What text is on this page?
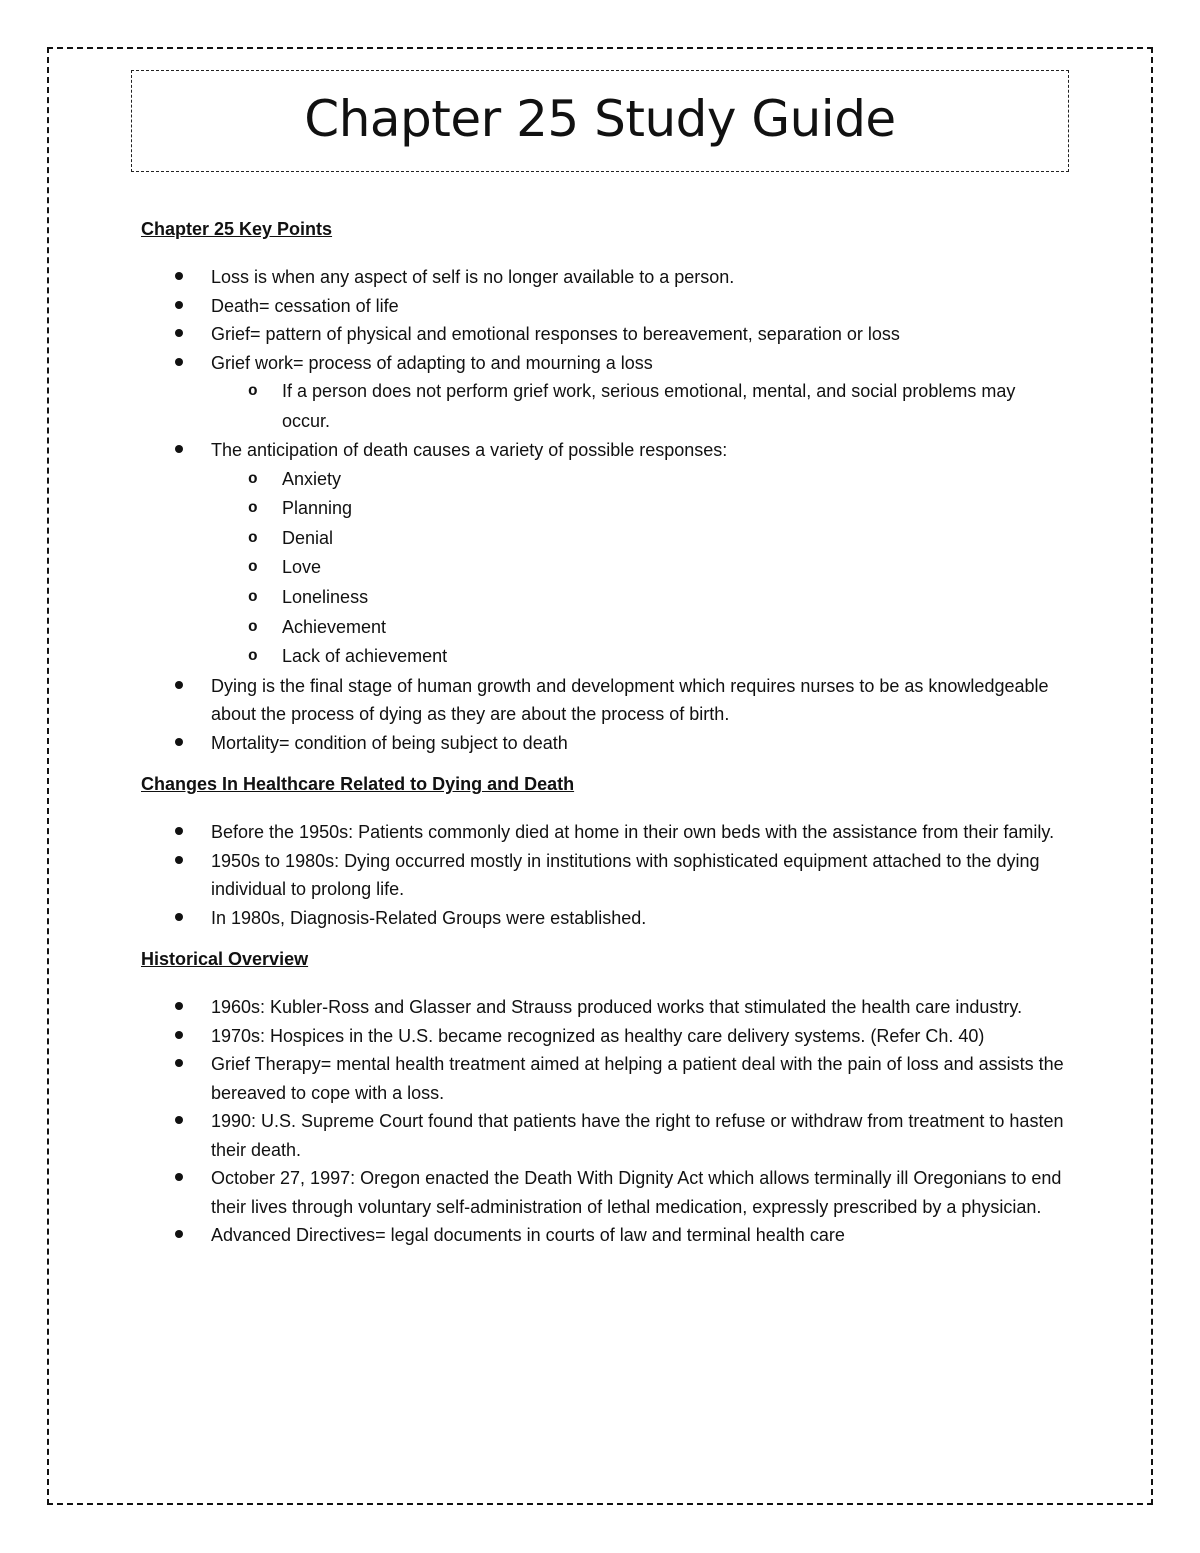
Chapter 25 Study Guide
Chapter 25 Key Points
Loss is when any aspect of self is no longer available to a person.
Death= cessation of life
Grief= pattern of physical and emotional responses to bereavement, separation or loss
Grief work= process of adapting to and mourning a loss
o If a person does not perform grief work, serious emotional, mental, and social problems may occur.
The anticipation of death causes a variety of possible responses:
o Anxiety
o Planning
o Denial
o Love
o Loneliness
o Achievement
o Lack of achievement
Dying is the final stage of human growth and development which requires nurses to be as knowledgeable about the process of dying as they are about the process of birth.
Mortality= condition of being subject to death
Changes In Healthcare Related to Dying and Death
Before the 1950s: Patients commonly died at home in their own beds with the assistance from their family.
1950s to 1980s: Dying occurred mostly in institutions with sophisticated equipment attached to the dying individual to prolong life.
In 1980s, Diagnosis-Related Groups were established.
Historical Overview
1960s: Kubler-Ross and Glasser and Strauss produced works that stimulated the health care industry.
1970s: Hospices in the U.S. became recognized as healthy care delivery systems. (Refer Ch. 40)
Grief Therapy= mental health treatment aimed at helping a patient deal with the pain of loss and assists the bereaved to cope with a loss.
1990: U.S. Supreme Court found that patients have the right to refuse or withdraw from treatment to hasten their death.
October 27, 1997: Oregon enacted the Death With Dignity Act which allows terminally ill Oregonians to end their lives through voluntary self-administration of lethal medication, expressly prescribed by a physician.
Advanced Directives= legal documents in courts of law and terminal health care
